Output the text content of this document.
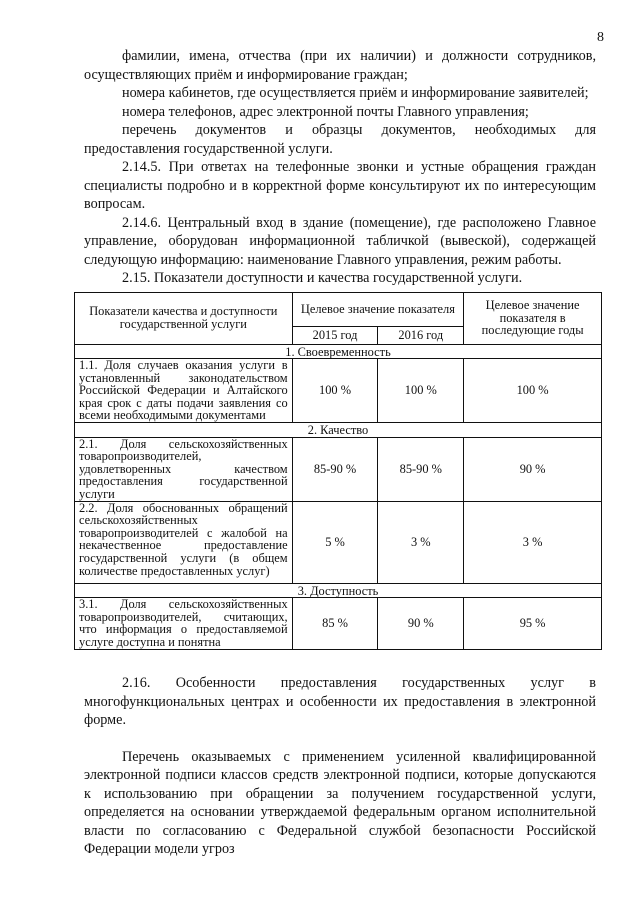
8

фамилии, имена, отчества (при их наличии) и должности сотрудников, осуществляющих приём и информирование граждан;

номера кабинетов, где осуществляется приём и информирование заявителей;

номера телефонов, адрес электронной почты Главного управления;

перечень документов и образцы документов, необходимых для предоставления государственной услуги.

2.14.5. При ответах на телефонные звонки и устные обращения граждан специалисты подробно и в корректной форме консультируют их по интересующим вопросам.

2.14.6. Центральный вход в здание (помещение), где расположено Главное управление, оборудован информационной табличкой (вывеской), содержащей следующую информацию: наименование Главного управления, режим работы.

2.15. Показатели доступности и качества государственной услуги.

Показатели качества и доступности государственной услуги	Целевое значение показателя		Целевое значение показателя в последующие годы
	2015 год	2016 год	
1. Своевременность			
1.1. Доля случаев оказания услуги в установленный законодательством Российской Федерации и Алтайского края срок с даты подачи заявления со всеми необходимыми документами	100 %	100 %	100 %
2. Качество			
2.1. Доля сельскохозяйственных товаропроизводителей, удовлетворенных качеством предоставления государственной услуги	85-90 %	85-90 %	90 %
2.2. Доля обоснованных обращений сельскохозяйственных товаропроизводителей с жалобой на некачественное предоставление государственной услуги (в общем количестве предоставленных услуг)	5 %	3 %	3 %
3. Доступность			
3.1. Доля сельскохозяйственных товаропроизводителей, считающих, что информация о предоставляемой услуге доступна и понятна	85 %	90 %	95 %

2.16. Особенности предоставления государственных услуг в многофункциональных центрах и особенности их предоставления в электронной форме.

Перечень оказываемых с применением усиленной квалифицированной электронной подписи классов средств электронной подписи, которые допускаются к использованию при обращении за получением государственной услуги, определяется на основании утверждаемой федеральным органом исполнительной власти по согласованию с Федеральной службой безопасности Российской Федерации модели угроз
